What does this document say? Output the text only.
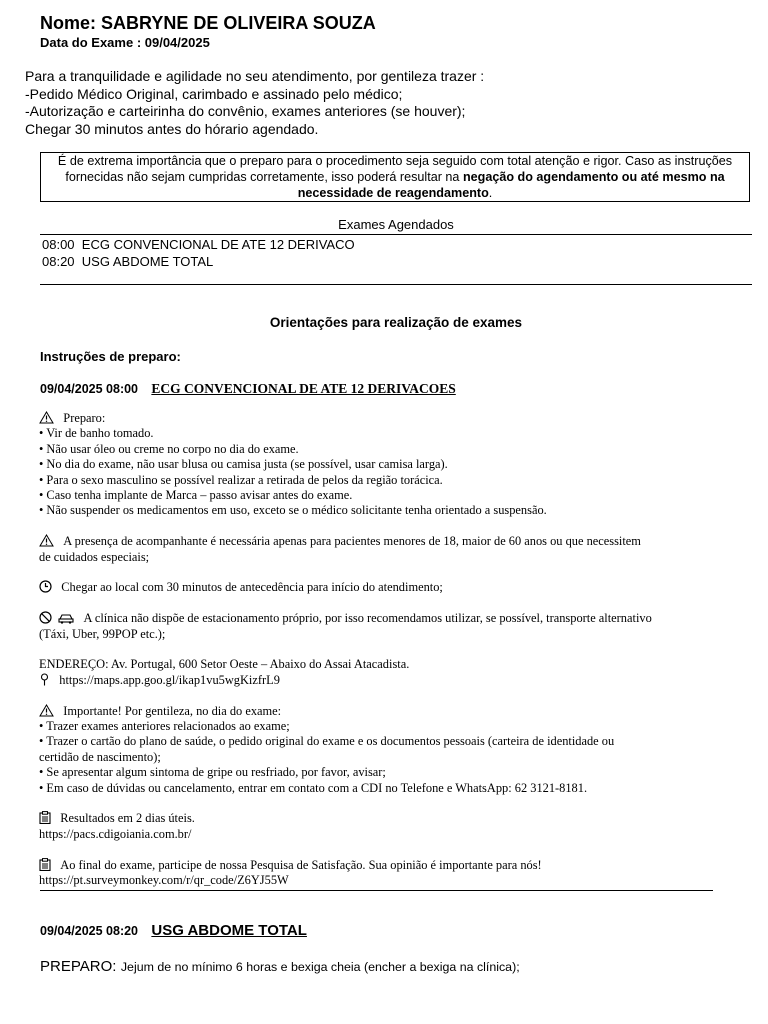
Nome: SABRYNE DE OLIVEIRA SOUZA
Data do Exame : 09/04/2025
Para a tranquilidade e agilidade no seu atendimento, por gentileza trazer :
-Pedido Médico Original, carimbado e assinado pelo médico;
-Autorização e carteirinha do convênio, exames anteriores (se houver);
Chegar 30 minutos antes do hórario agendado.
É de extrema importância que o preparo para o procedimento seja seguido com total atenção e rigor. Caso as instruções fornecidas não sejam cumpridas corretamente, isso poderá resultar na negação do agendamento ou até mesmo na necessidade de reagendamento.
Exames Agendados
08:00 ECG CONVENCIONAL DE ATE 12 DERIVACO
08:20 USG ABDOME TOTAL
Orientações para realização de exames
Instruções de preparo:
09/04/2025 08:00 ECG CONVENCIONAL DE ATE 12 DERIVACOES
Preparo:
• Vir de banho tomado.
• Não usar óleo ou creme no corpo no dia do exame.
• No dia do exame, não usar blusa ou camisa justa (se possível, usar camisa larga).
• Para o sexo masculino se possível realizar a retirada de pelos da região torácica.
• Caso tenha implante de Marca – passo avisar antes do exame.
• Não suspender os medicamentos em uso, exceto se o médico solicitante tenha orientado a suspensão.
A presença de acompanhante é necessária apenas para pacientes menores de 18, maior de 60 anos ou que necessitem
de cuidados especiais;
Chegar ao local com 30 minutos de antecedência para início do atendimento;
A clínica não dispõe de estacionamento próprio, por isso recomendamos utilizar, se possível, transporte alternativo
(Táxi, Uber, 99POP etc.);
ENDEREÇO: Av. Portugal, 600 Setor Oeste – Abaixo do Assai Atacadista.
https://maps.app.goo.gl/ikap1vu5wgKizfrL9
Importante! Por gentileza, no dia do exame:
• Trazer exames anteriores relacionados ao exame;
• Trazer o cartão do plano de saúde, o pedido original do exame e os documentos pessoais (carteira de identidade ou
certidão de nascimento);
• Se apresentar algum sintoma de gripe ou resfriado, por favor, avisar;
• Em caso de dúvidas ou cancelamento, entrar em contato com a CDI no Telefone e WhatsApp: 62 3121-8181.
Resultados em 2 dias úteis.
https://pacs.cdigoiania.com.br/
Ao final do exame, participe de nossa Pesquisa de Satisfação. Sua opinião é importante para nós!
https://pt.surveymonkey.com/r/qr_code/Z6YJ55W
09/04/2025 08:20 USG ABDOME TOTAL
PREPARO: Jejum de no mínimo 6 horas e bexiga cheia (encher a bexiga na clínica);
